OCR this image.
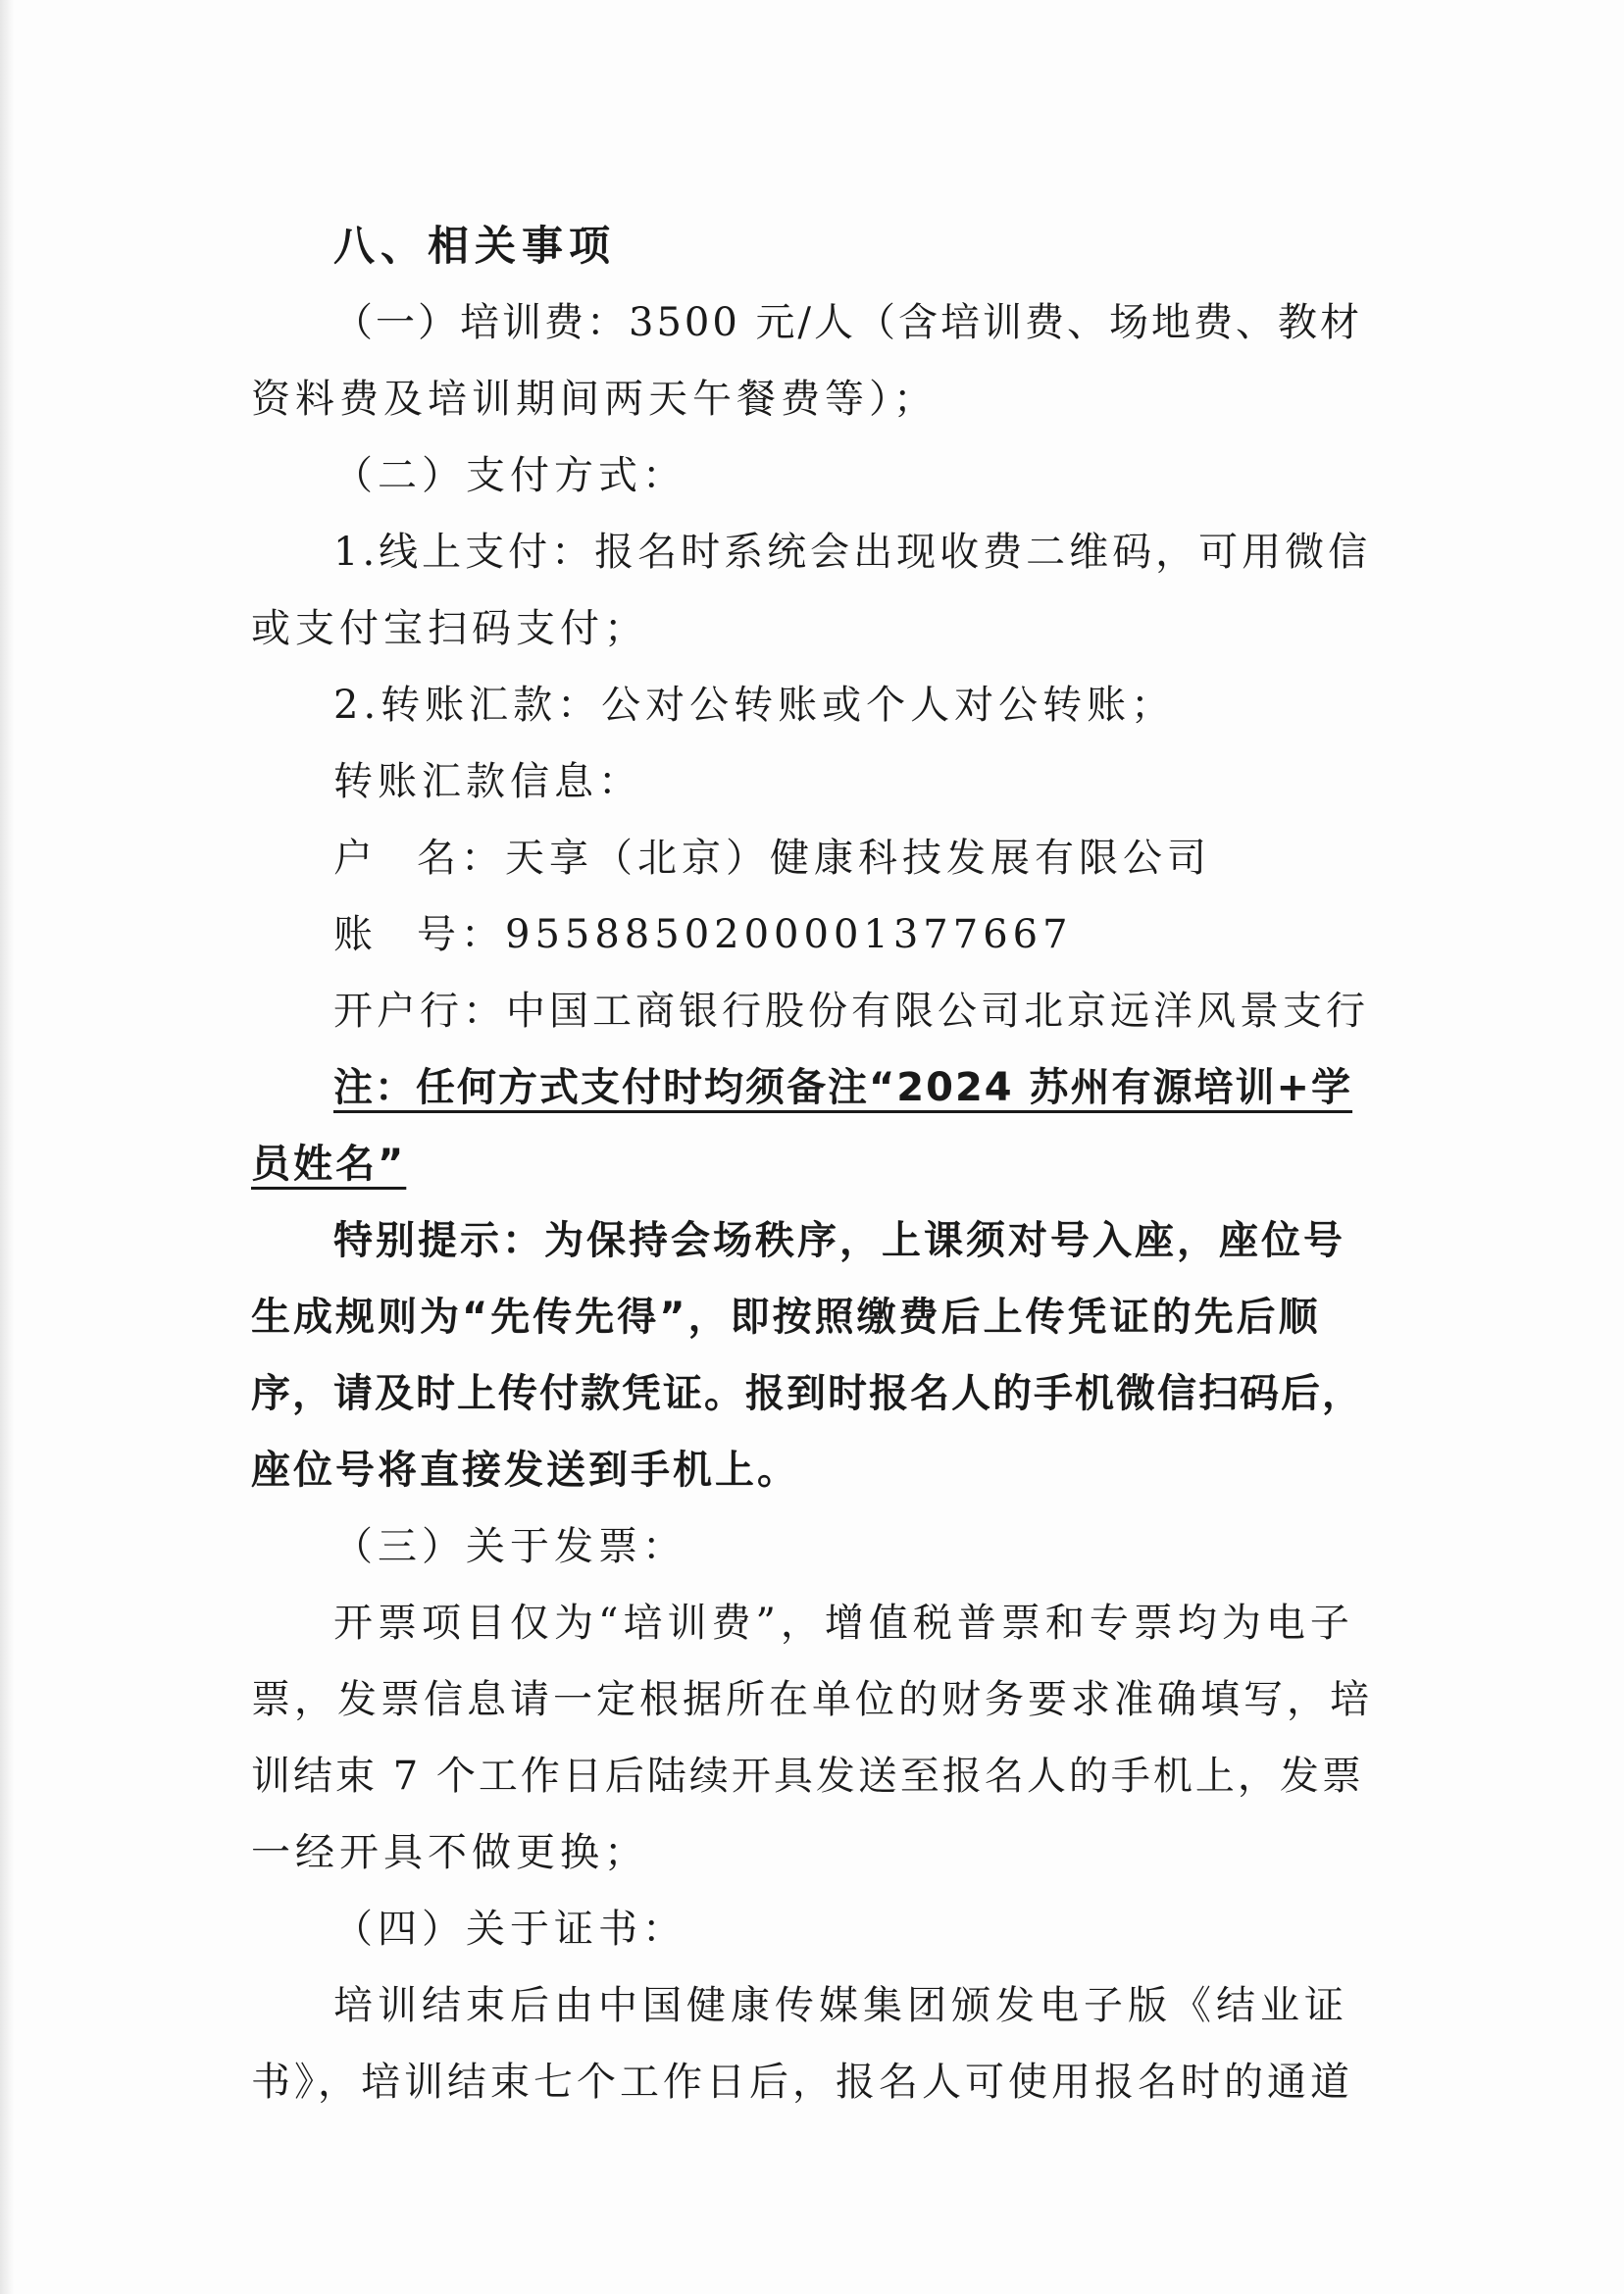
八、相关事项
（一）培训费：3500 元/人（含培训费、场地费、教材
资料费及培训期间两天午餐费等）；
（二）支付方式：
1.线上支付：报名时系统会出现收费二维码，可用微信
或支付宝扫码支付；
2.转账汇款：公对公转账或个人对公转账；
转账汇款信息：
户 名：天享（北京）健康科技发展有限公司
账 号：9558850200001377667
开户行：中国工商银行股份有限公司北京远洋风景支行
注：任何方式支付时均须备注“2024 苏州有源培训+学
员姓名”
特别提示：为保持会场秩序，上课须对号入座，座位号
生成规则为“先传先得”，即按照缴费后上传凭证的先后顺
序，请及时上传付款凭证。报到时报名人的手机微信扫码后，
座位号将直接发送到手机上。
（三）关于发票：
开票项目仅为“培训费”，增值税普票和专票均为电子
票，发票信息请一定根据所在单位的财务要求准确填写，培
训结束 7 个工作日后陆续开具发送至报名人的手机上，发票
一经开具不做更换；
（四）关于证书：
培训结束后由中国健康传媒集团颁发电子版《结业证
书》，培训结束七个工作日后，报名人可使用报名时的通道
